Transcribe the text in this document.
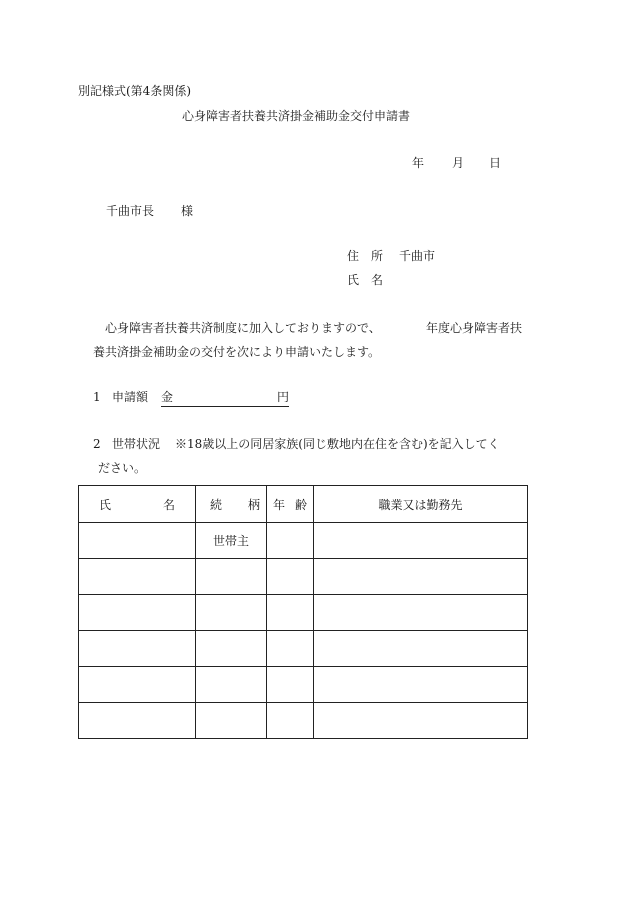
別記様式(第4条関係)
心身障害者扶養共済掛金補助金交付申請書
年 月 日
千曲市長 様
住　所 千曲市
氏　名
心身障害者扶養共済制度に加入しておりますので、	年度心身障害者扶
養共済掛金補助金の交付を次により申請いたします。
1 申請額 金	円
2 世帯状況 ※18歳以上の同居家族(同じ敷地内在住を含む)を記入してく
ださい。
氏 名	続 柄	年 齢	職業又は勤務先
	世帯主		
